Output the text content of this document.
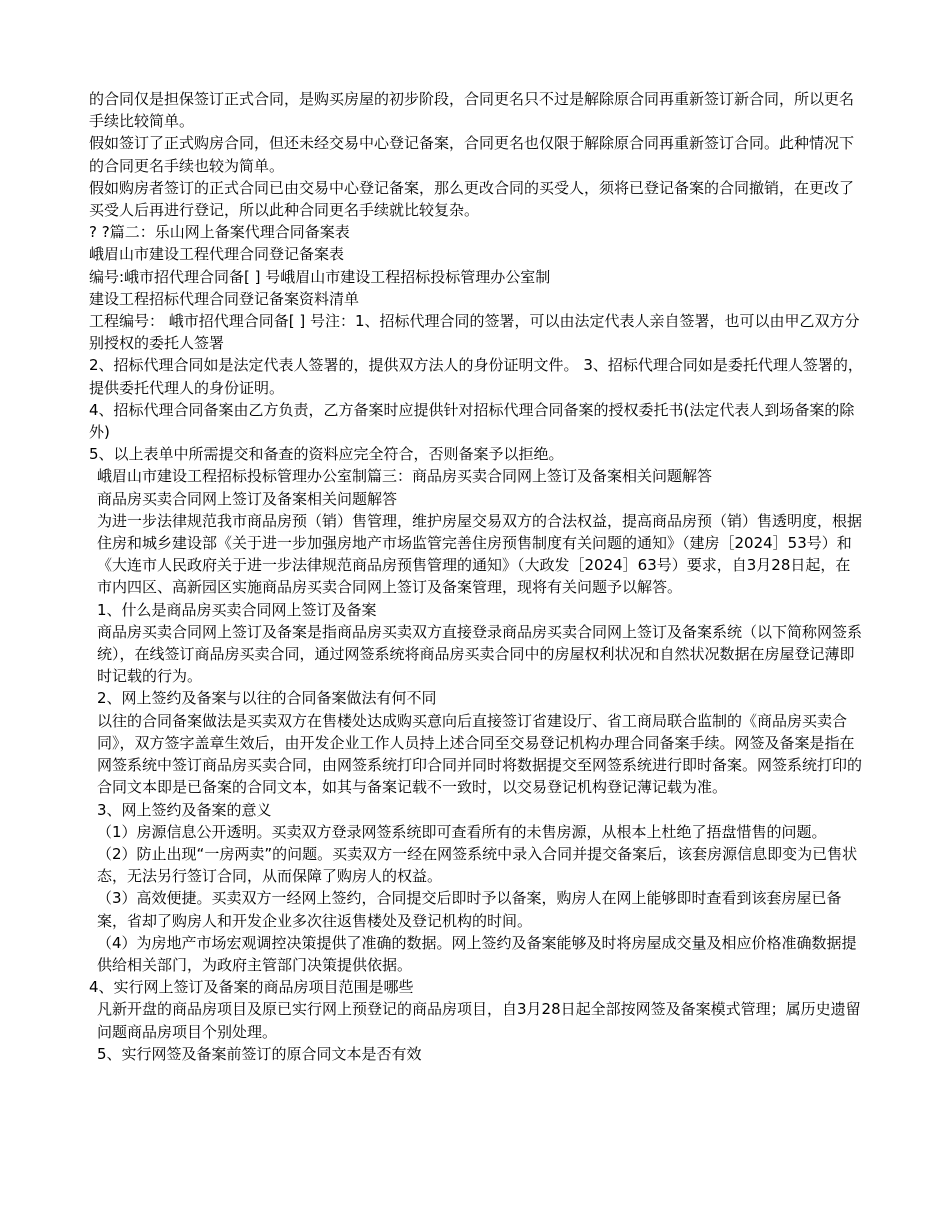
的合同仅是担保签订正式合同，是购买房屋的初步阶段，合同更名只不过是解除原合同再重新签订新合同，所以更名手续比较简单。

假如签订了正式购房合同，但还未经交易中心登记备案，合同更名也仅限于解除原合同再重新签订合同。此种情况下的合同更名手续也较为简单。

假如购房者签订的正式合同已由交易中心登记备案，那么更改合同的买受人，须将已登记备案的合同撤销，在更改了买受人后再进行登记，所以此种合同更名手续就比较复杂。

? ?篇二：乐山网上备案代理合同备案表

峨眉山市建设工程代理合同登记备案表

编号:峨市招代理合同备[ ] 号峨眉山市建设工程招标投标管理办公室制

建设工程招标代理合同登记备案资料清单

工程编号： 峨市招代理合同备[ ] 号注：1、招标代理合同的签署，可以由法定代表人亲自签署，也可以由甲乙双方分别授权的委托人签署

2、招标代理合同如是法定代表人签署的，提供双方法人的身份证明文件。 3、招标代理合同如是委托代理人签署的，提供委托代理人的身份证明。

4、招标代理合同备案由乙方负责，乙方备案时应提供针对招标代理合同备案的授权委托书(法定代表人到场备案的除外)

5、以上表单中所需提交和备查的资料应完全符合，否则备案予以拒绝。

峨眉山市建设工程招标投标管理办公室制篇三：商品房买卖合同网上签订及备案相关问题解答

商品房买卖合同网上签订及备案相关问题解答

为进一步法律规范我市商品房预（销）售管理，维护房屋交易双方的合法权益，提高商品房预（销）售透明度，根据住房和城乡建设部《关于进一步加强房地产市场监管完善住房预售制度有关问题的通知》（建房［2024］53号）和《大连市人民政府关于进一步法律规范商品房预售管理的通知》（大政发［2024］63号）要求，自3月28日起，在市内四区、高新园区实施商品房买卖合同网上签订及备案管理，现将有关问题予以解答。

1、什么是商品房买卖合同网上签订及备案

商品房买卖合同网上签订及备案是指商品房买卖双方直接登录商品房买卖合同网上签订及备案系统（以下简称网签系统），在线签订商品房买卖合同，通过网签系统将商品房买卖合同中的房屋权利状况和自然状况数据在房屋登记薄即时记载的行为。

2、网上签约及备案与以往的合同备案做法有何不同

以往的合同备案做法是买卖双方在售楼处达成购买意向后直接签订省建设厅、省工商局联合监制的《商品房买卖合同》，双方签字盖章生效后，由开发企业工作人员持上述合同至交易登记机构办理合同备案手续。网签及备案是指在网签系统中签订商品房买卖合同，由网签系统打印合同并同时将数据提交至网签系统进行即时备案。网签系统打印的合同文本即是已备案的合同文本，如其与备案记载不一致时，以交易登记机构登记薄记载为准。

3、网上签约及备案的意义

（1）房源信息公开透明。买卖双方登录网签系统即可查看所有的未售房源，从根本上杜绝了捂盘惜售的问题。

（2）防止出现“一房两卖”的问题。买卖双方一经在网签系统中录入合同并提交备案后，该套房源信息即变为已售状态，无法另行签订合同，从而保障了购房人的权益。

（3）高效便捷。买卖双方一经网上签约，合同提交后即时予以备案，购房人在网上能够即时查看到该套房屋已备案，省却了购房人和开发企业多次往返售楼处及登记机构的时间。

（4）为房地产市场宏观调控决策提供了准确的数据。网上签约及备案能够及时将房屋成交量及相应价格准确数据提供给相关部门，为政府主管部门决策提供依据。

4、实行网上签订及备案的商品房项目范围是哪些

凡新开盘的商品房项目及原已实行网上预登记的商品房项目，自3月28日起全部按网签及备案模式管理；属历史遗留问题商品房项目个别处理。

5、实行网签及备案前签订的原合同文本是否有效
